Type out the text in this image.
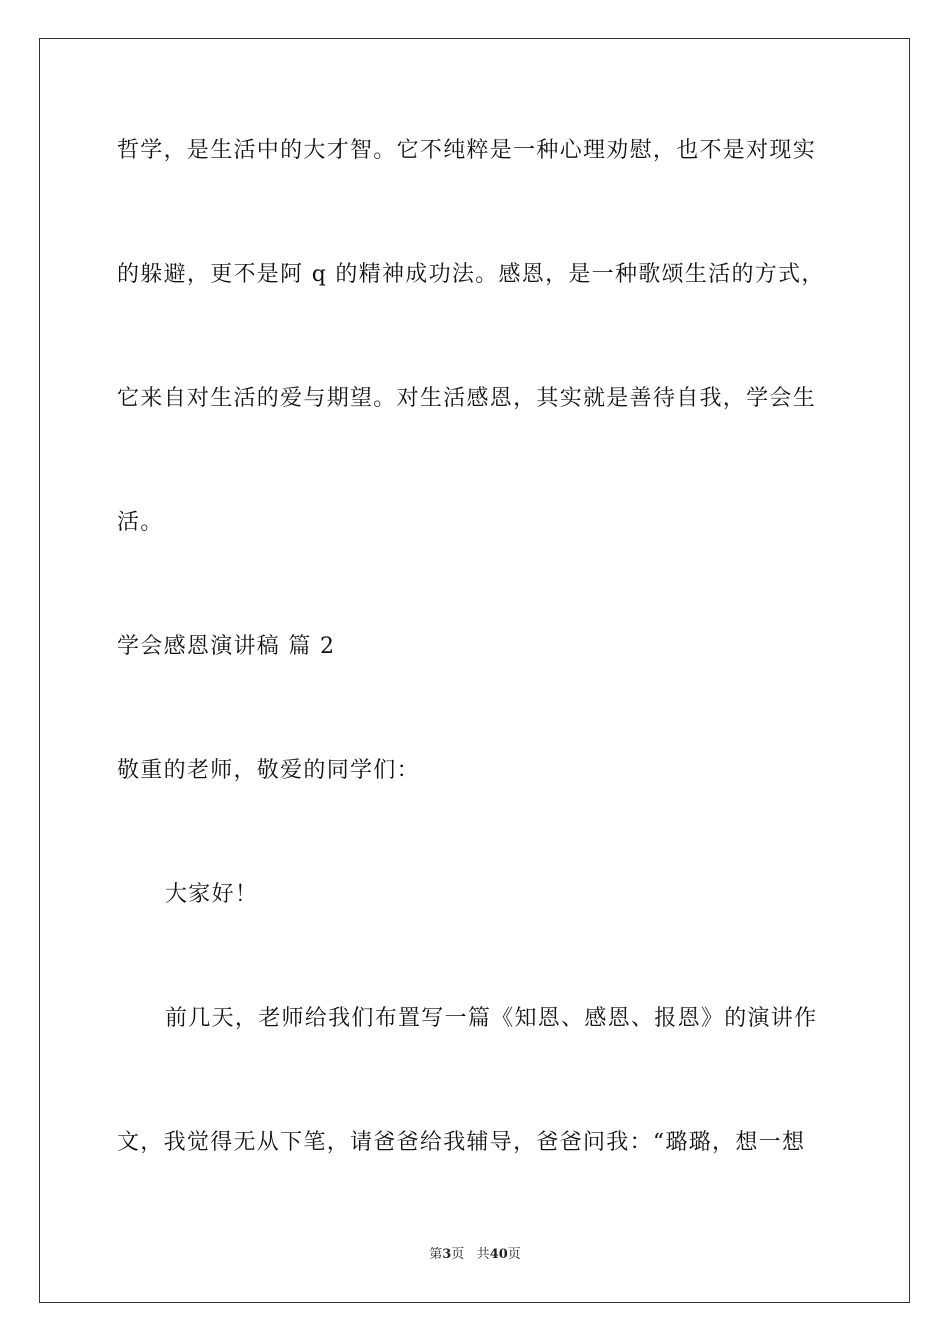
哲学，是生活中的大才智。它不纯粹是一种心理劝慰，也不是对现实
的躲避，更不是阿 q 的精神成功法。感恩，是一种歌颂生活的方式，
它来自对生活的爱与期望。对生活感恩，其实就是善待自我，学会生
活。
学会感恩演讲稿 篇 2
敬重的老师，敬爱的同学们：
大家好！
前几天，老师给我们布置写一篇《知恩、感恩、报恩》的演讲作
文，我觉得无从下笔，请爸爸给我辅导，爸爸问我：“璐璐，想一想
第3页 共40页
